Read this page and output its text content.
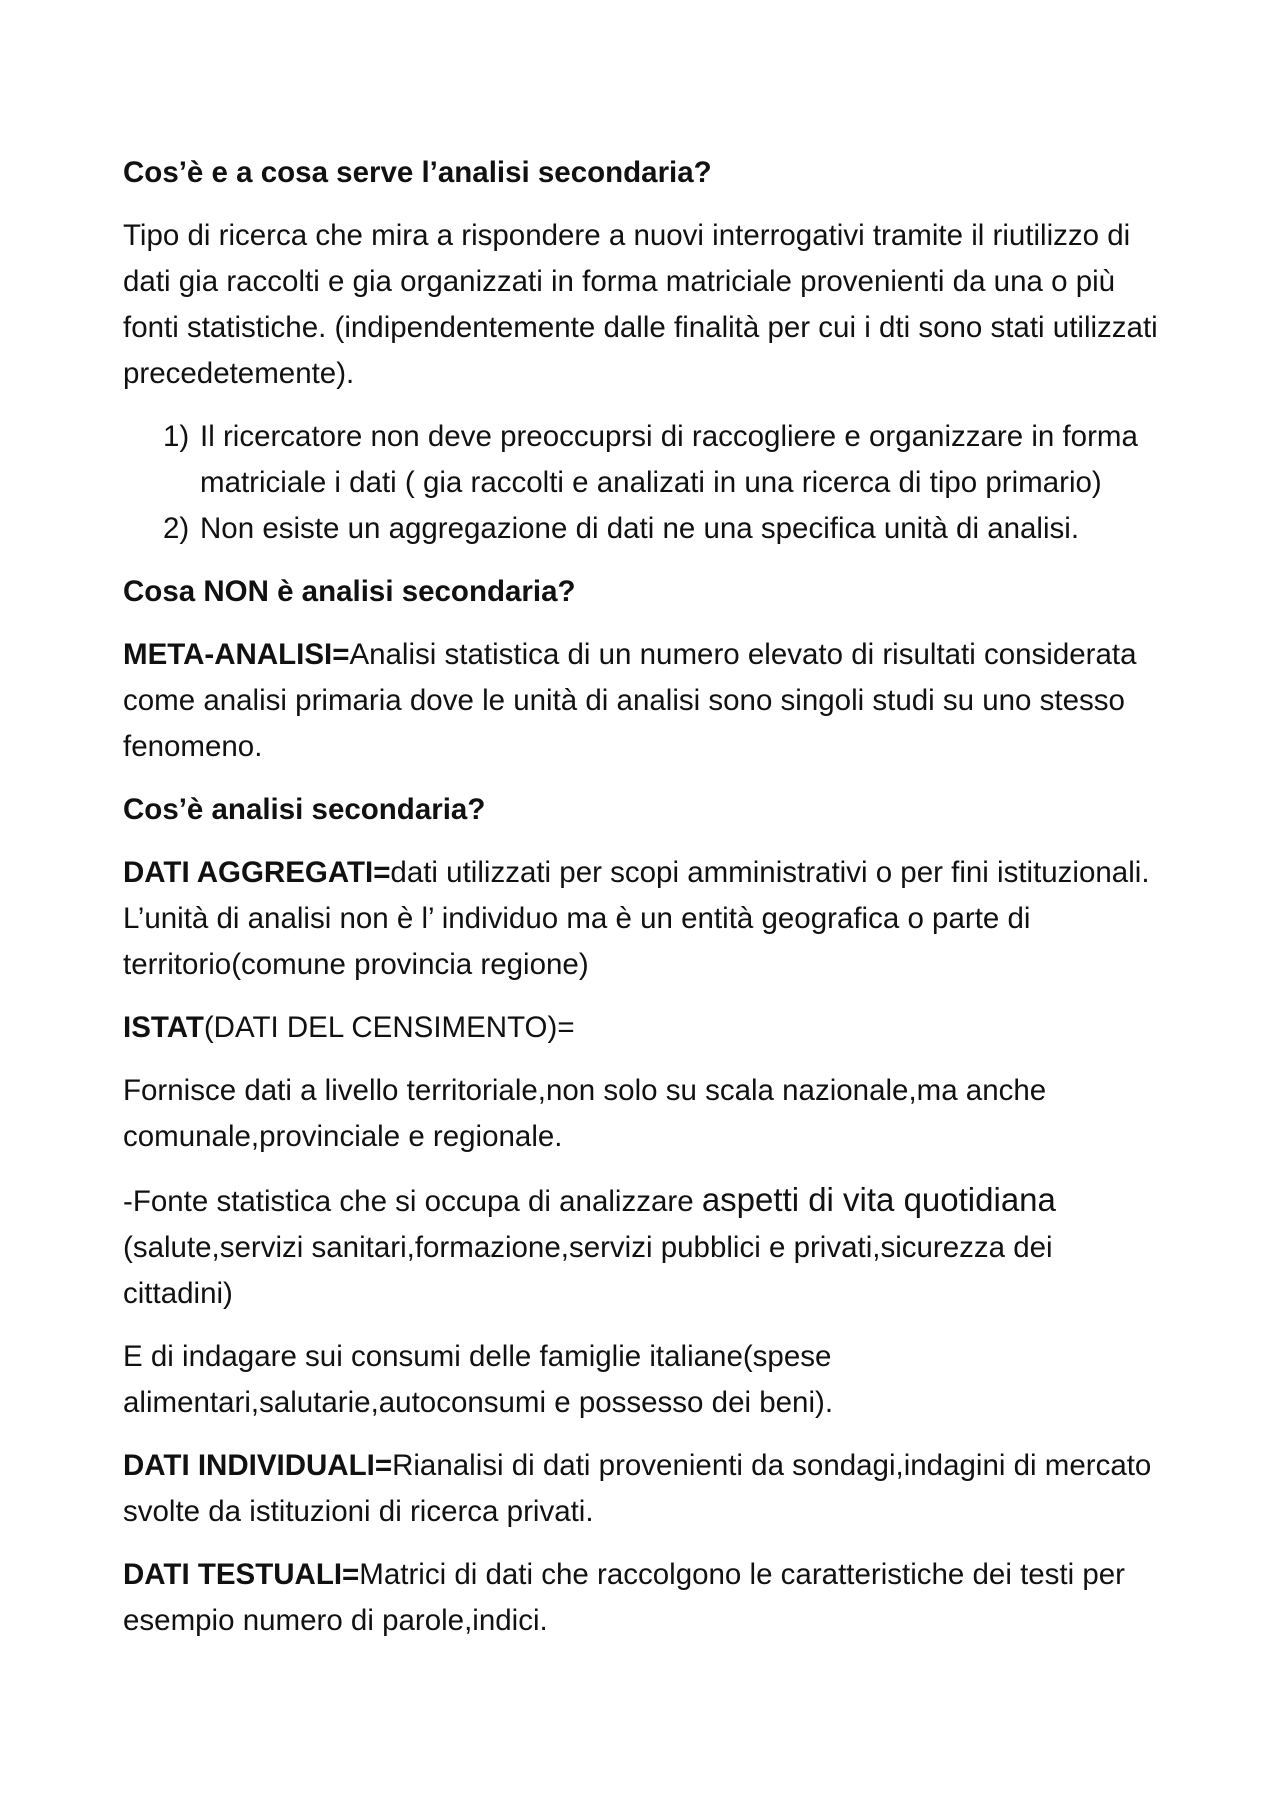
Cos’è e a cosa serve l’analisi secondaria?
Tipo di ricerca che mira a rispondere a nuovi interrogativi tramite il riutilizzo di dati gia raccolti e gia organizzati in forma matriciale provenienti da una o più fonti statistiche. (indipendentemente dalle finalità per cui i dti sono stati utilizzati precedetemente).
1) Il ricercatore non deve preoccuprsi di raccogliere e organizzare in forma matriciale i dati ( gia raccolti e analizati in una ricerca di tipo primario)
2) Non esiste un aggregazione di dati ne una specifica unità di analisi.
Cosa NON è analisi secondaria?
META-ANALISI=Analisi statistica di un numero elevato di risultati considerata come analisi primaria dove le unità di analisi sono singoli studi su uno stesso fenomeno.
Cos’è analisi secondaria?
DATI AGGREGATI=dati utilizzati per scopi amministrativi o per fini istituzionali. L’unità di analisi non è l’ individuo ma è un entità geografica o parte di territorio(comune provincia regione)
ISTAT(DATI DEL CENSIMENTO)=
Fornisce dati a livello territoriale,non solo su scala nazionale,ma anche comunale,provinciale e regionale.
-Fonte statistica che si occupa di analizzare aspetti di vita quotidiana (salute,servizi sanitari,formazione,servizi pubblici e privati,sicurezza dei cittadini)
E di indagare sui consumi delle famiglie italiane(spese alimentari,salutarie,autoconsumi e possesso dei beni).
DATI INDIVIDUALI=Rianalisi di dati provenienti da sondagi,indagini di mercato svolte da istituzioni di ricerca privati.
DATI TESTUALI=Matrici di dati che raccolgono le caratteristiche dei testi per esempio numero di parole,indici.
